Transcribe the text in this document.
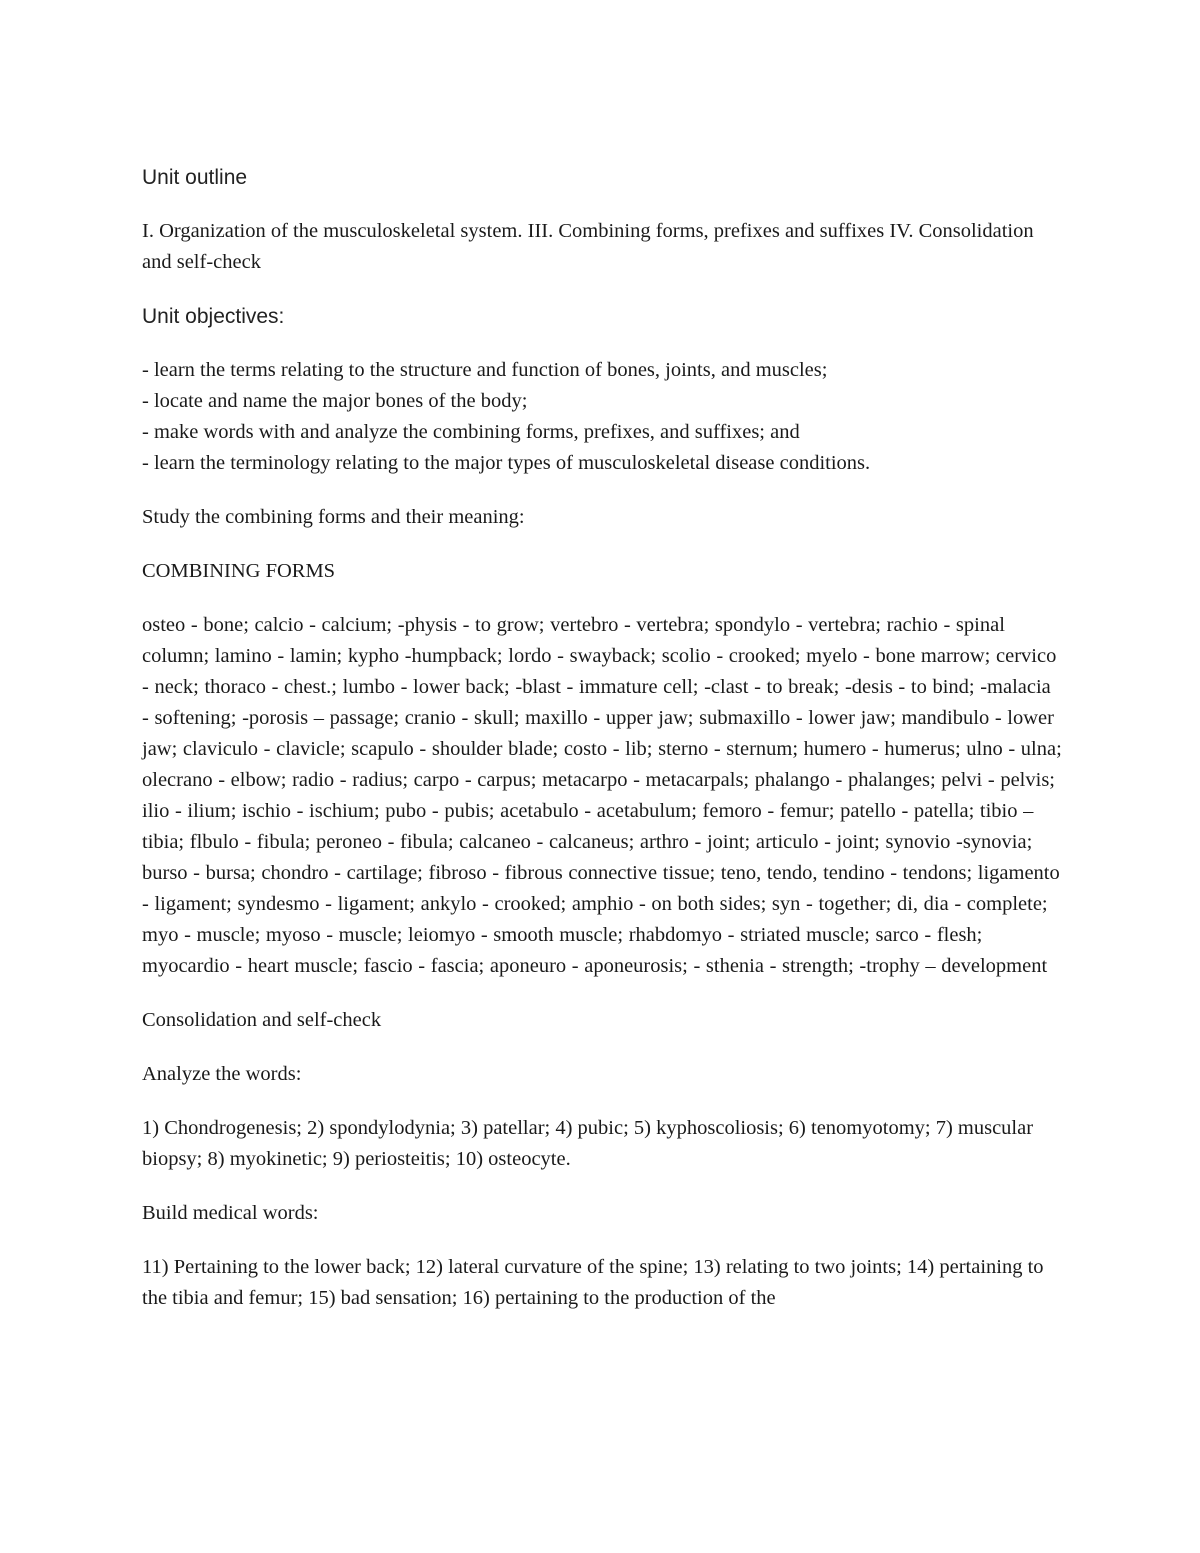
Unit outline

I. Organization of the musculoskeletal system. III. Combining forms, prefixes and suffixes IV. Consolidation and self-check

Unit objectives:

- learn the terms relating to the structure and function of bones, joints, and muscles;
- locate and name the major bones of the body;
- make words with and analyze the combining forms, prefixes, and suffixes; and
- learn the terminology relating to the major types of musculoskeletal disease conditions.

Study the combining forms and their meaning:

COMBINING FORMS

osteo - bone; calcio - calcium; -physis - to grow; vertebro - vertebra; spondylo - vertebra; rachio - spinal column; lamino - lamin; kypho -humpback; lordo - swayback; scolio - crooked; myelo - bone marrow; cervico - neck; thoraco - chest.; lumbo - lower back; -blast - immature cell; -clast - to break; -desis - to bind; -malacia - softening; -porosis – passage; cranio - skull; maxillo - upper jaw; submaxillo - lower jaw; mandibulo - lower jaw; claviculo - clavicle; scapulo - shoulder blade; costo - lib; sterno - sternum; humero - humerus; ulno - ulna; olecrano - elbow; radio - radius; carpo - carpus; metacarpo - metacarpals; phalango - phalanges; pelvi - pelvis; ilio - ilium; ischio - ischium; pubo - pubis; acetabulo - acetabulum; femoro - femur; patello - patella; tibio – tibia; flbulo - fibula; peroneo - fibula; calcaneo - calcaneus; arthro - joint; articulo - joint; synovio -synovia; burso - bursa; chondro - cartilage; fibroso - fibrous connective tissue; teno, tendo, tendino - tendons; ligamento - ligament; syndesmo - ligament; ankylo - crooked; amphio - on both sides; syn - together; di, dia - complete; myo - muscle; myoso - muscle; leiomyo - smooth muscle; rhabdomyo - striated muscle; sarco - flesh; myocardio - heart muscle; fascio - fascia; aponeuro - aponeurosis; - sthenia - strength; -trophy – development

Consolidation and self-check

Analyze the words:

1) Chondrogenesis; 2) spondylodynia; 3) patellar; 4) pubic; 5) kyphoscoliosis; 6) tenomyotomy; 7) muscular biopsy; 8) myokinetic; 9) periosteitis; 10) osteocyte.

Build medical words:

11) Pertaining to the lower back; 12) lateral curvature of the spine; 13) relating to two joints; 14) pertaining to the tibia and femur; 15) bad sensation; 16) pertaining to the production of the
